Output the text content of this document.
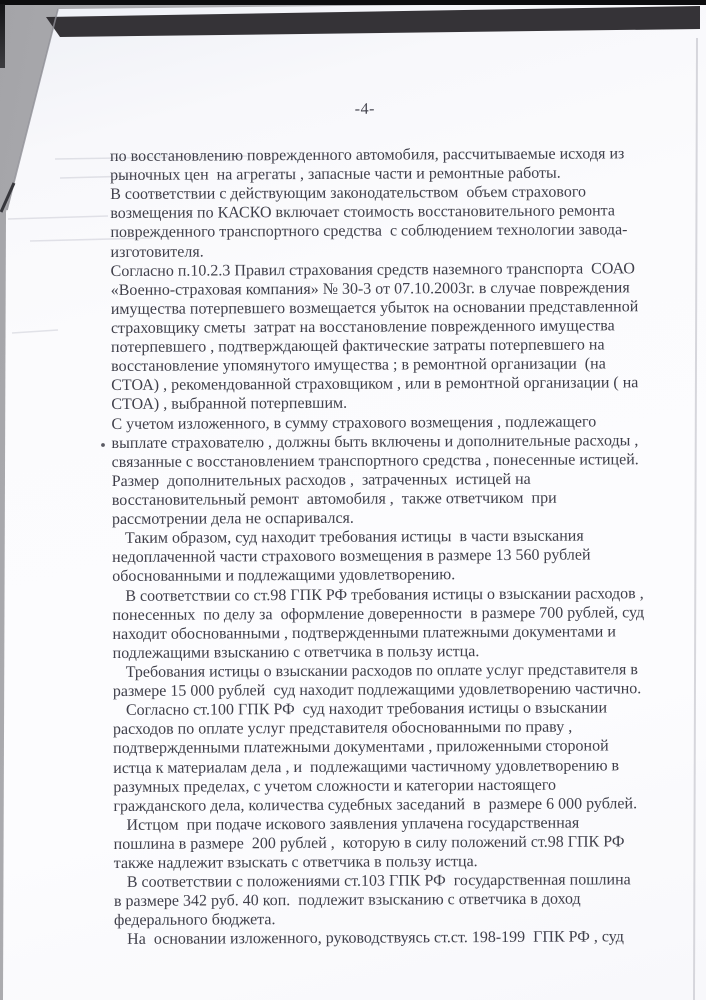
-4-
по восстановлению поврежденного автомобиля, рассчитываемые исходя из
рыночных цен  на агрегаты , запасные части и ремонтные работы.
В соответствии с действующим законодательством  объем страхового
возмещения по КАСКО включает стоимость восстановительного ремонта
поврежденного транспортного средства  с соблюдением технологии завода-
изготовителя.
Согласно п.10.2.3 Правил страхования средств наземного транспорта  СОАО
«Военно-страховая компания» № 30-3 от 07.10.2003г. в случае повреждения
имущества потерпевшего возмещается убыток на основании представленной
страховщику сметы  затрат на восстановление поврежденного имущества
потерпевшего , подтверждающей фактические затраты потерпевшего на
восстановление упомянутого имущества ; в ремонтной организации  (на
СТОА) , рекомендованной страховщиком , или в ремонтной организации ( на
СТОА) , выбранной потерпевшим.
С учетом изложенного, в сумму страхового возмещения , подлежащего
выплате страхователю , должны быть включены и дополнительные расходы ,
связанные с восстановлением транспортного средства , понесенные истицей.
Размер  дополнительных расходов ,  затраченных  истицей на
восстановительный ремонт  автомобиля ,  также ответчиком  при
рассмотрении дела не оспаривался.
Таким образом, суд находит требования истицы  в части взыскания
недоплаченной части страхового возмещения в размере 13 560 рублей
обоснованными и подлежащими удовлетворению.
В соответствии со ст.98 ГПК РФ требования истицы о взыскании расходов ,
понесенных  по делу за  оформление доверенности  в размере 700 рублей, суд
находит обоснованными , подтвержденными платежными документами и
подлежащими взысканию с ответчика в пользу истца.
Требования истицы о взыскании расходов по оплате услуг представителя в
размере 15 000 рублей  суд находит подлежащими удовлетворению частично.
Согласно ст.100 ГПК РФ  суд находит требования истицы о взыскании
расходов по оплате услуг представителя обоснованными по праву ,
подтвержденными платежными документами , приложенными стороной
истца к материалам дела , и  подлежащими частичному удовлетворению в
разумных пределах, с учетом сложности и категории настоящего
гражданского дела, количества судебных заседаний  в  размере 6 000 рублей.
Истцом  при подаче искового заявления уплачена государственная
пошлина в размере  200 рублей ,  которую в силу положений ст.98 ГПК РФ
также надлежит взыскать с ответчика в пользу истца.
В соответствии с положениями ст.103 ГПК РФ  государственная пошлина
в размере 342 руб. 40 коп.  подлежит взысканию с ответчика в доход
федерального бюджета.
На  основании изложенного, руководствуясь ст.ст. 198-199  ГПК РФ , суд
